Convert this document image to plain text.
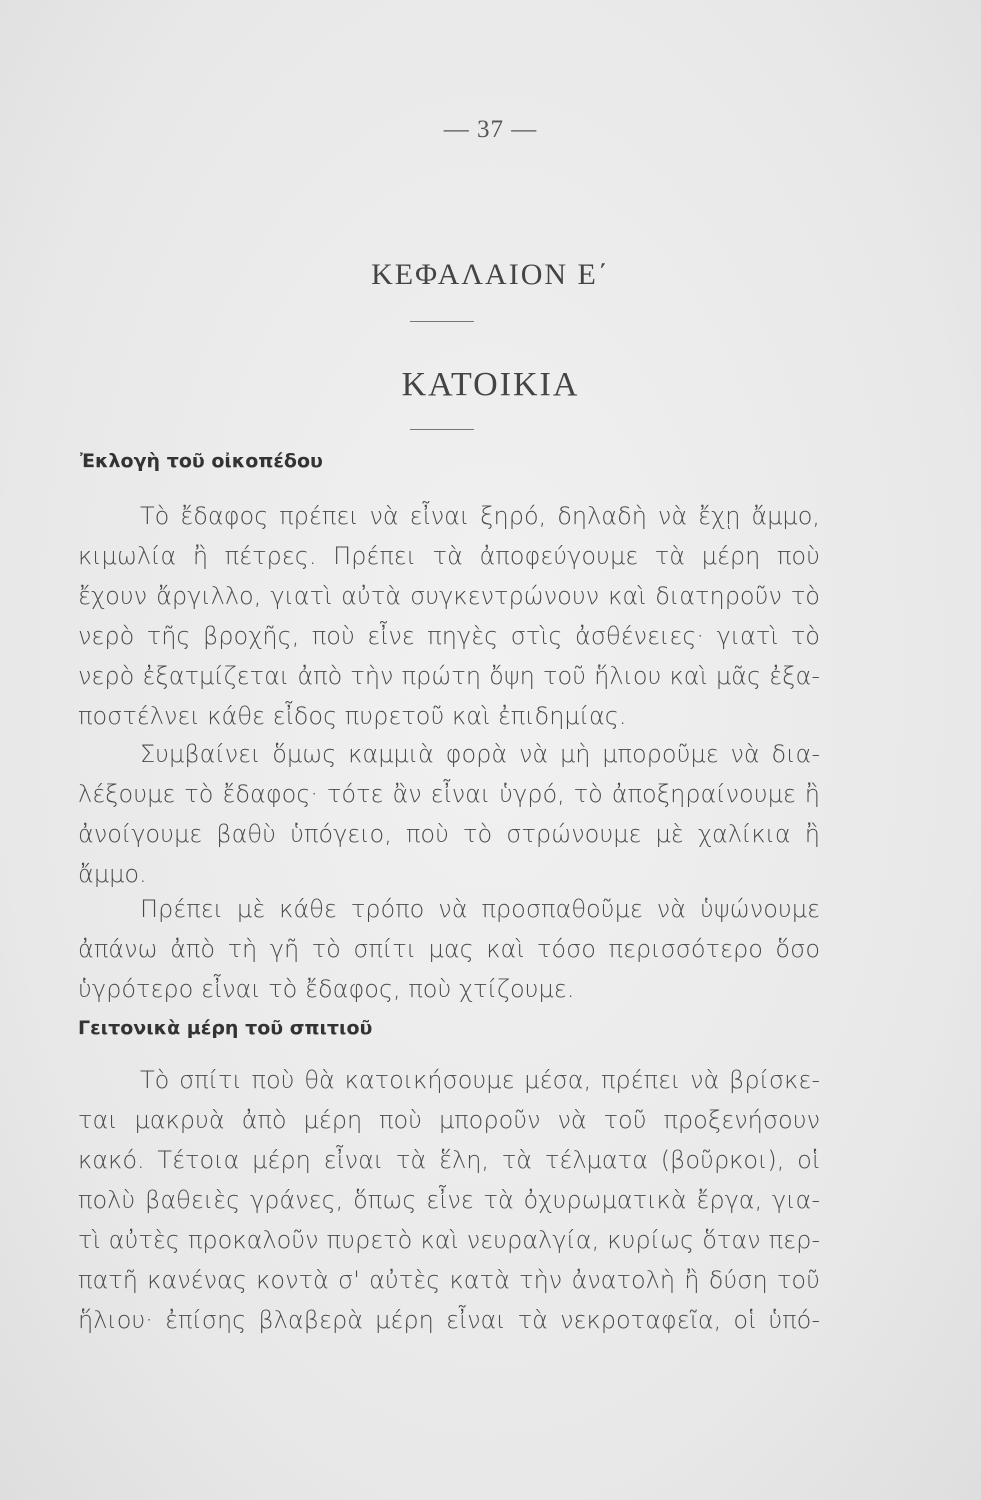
— 37 —
ΚΕΦΑΛΑΙΟΝ Ε΄
ΚΑΤΟΙΚΙΑ
Ἐκλογὴ τοῦ οἰκοπέδου
Τὸ ἔδαφος πρέπει νὰ εἶναι ξηρό, δηλαδὴ νὰ ἔχῃ ἄμμο,
κιμωλία ἢ πέτρες. Πρέπει τὰ ἀποφεύγουμε τὰ μέρη ποὺ
ἔχουν ἄργιλλο, γιατὶ αὐτὰ συγκεντρώνουν καὶ διατηροῦν τὸ
νερὸ τῆς βροχῆς, ποὺ εἶνε πηγὲς στὶς ἀσθένειες· γιατὶ τὸ
νερὸ ἐξατμίζεται ἀπὸ τὴν πρώτη ὄψη τοῦ ἥλιου καὶ μᾶς ἐξα-
ποστέλνει κάθε εἶδος πυρετοῦ καὶ ἐπιδημίας.
Συμβαίνει ὅμως καμμιὰ φορὰ νὰ μὴ μποροῦμε νὰ δια-
λέξουμε τὸ ἔδαφος· τότε ἂν εἶναι ὑγρό, τὸ ἀποξηραίνουμε ἢ
ἀνοίγουμε βαθὺ ὑπόγειο, ποὺ τὸ στρώνουμε μὲ χαλίκια ἢ
ἄμμο.
Πρέπει μὲ κάθε τρόπο νὰ προσπαθοῦμε νὰ ὑψώνουμε
ἀπάνω ἀπὸ τὴ γῆ τὸ σπίτι μας καὶ τόσο περισσότερο ὅσο
ὑγρότερο εἶναι τὸ ἔδαφος, ποὺ χτίζουμε.
Γειτονικὰ μέρη τοῦ σπιτιοῦ
Τὸ σπίτι ποὺ θὰ κατοικήσουμε μέσα, πρέπει νὰ βρίσκε-
ται μακρυὰ ἀπὸ μέρη ποὺ μποροῦν νὰ τοῦ προξενήσουν
κακό. Τέτοια μέρη εἶναι τὰ ἕλη, τὰ τέλματα (βοῦρκοι), οἱ
πολὺ βαθειὲς γράνες, ὅπως εἶνε τὰ ὀχυρωματικὰ ἔργα, για-
τὶ αὐτὲς προκαλοῦν πυρετὸ καὶ νευραλγία, κυρίως ὅταν περ-
πατῆ κανένας κοντὰ σ' αὐτὲς κατὰ τὴν ἀνατολὴ ἢ δύση τοῦ
ἥλιου· ἐπίσης βλαβερὰ μέρη εἶναι τὰ νεκροταφεῖα, οἱ ὑπό-
